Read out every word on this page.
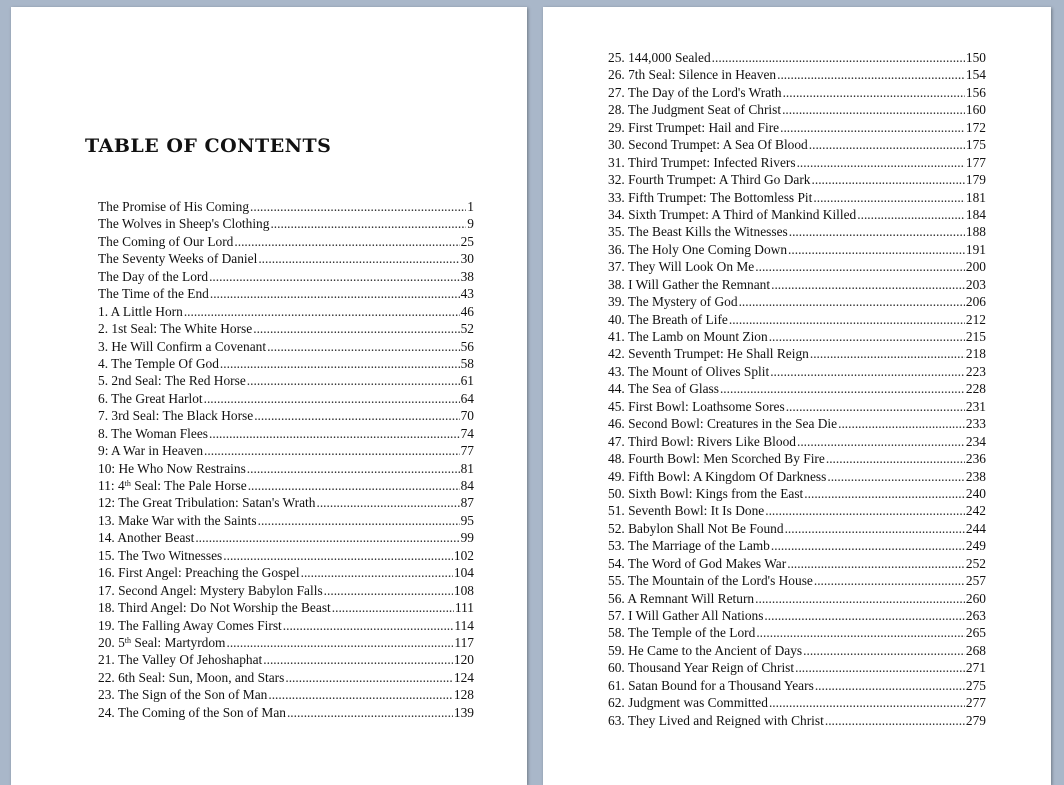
TABLE OF CONTENTS
The Promise of His Coming .....	1
The Wolves in Sheep's Clothing .....	9
The Coming of Our Lord .....	25
The Seventy Weeks of Daniel .....	30
The Day of the Lord .....	38
The Time of the End .....	43
1. A Little Horn .....	46
2. 1st Seal: The White Horse .....	52
3. He Will Confirm a Covenant .....	56
4. The Temple Of God .....	58
5. 2nd Seal: The Red Horse .....	61
6. The Great Harlot .....	64
7. 3rd Seal: The Black Horse .....	70
8. The Woman Flees .....	74
9: A War in Heaven .....	77
10: He Who Now Restrains .....	81
11: 4th Seal: The Pale Horse .....	84
12: The Great Tribulation: Satan's Wrath .....	87
13. Make War with the Saints .....	95
14. Another Beast .....	99
15. The Two Witnesses .....	102
16. First Angel: Preaching the Gospel .....	104
17. Second Angel: Mystery Babylon Falls .....	108
18. Third Angel: Do Not Worship the Beast .....	111
19. The Falling Away Comes First .....	114
20. 5th Seal: Martyrdom .....	117
21. The Valley Of Jehoshaphat .....	120
22. 6th Seal: Sun, Moon, and Stars .....	124
23. The Sign of the Son of Man .....	128
24. The Coming of the Son of Man .....	139
25. 144,000 Sealed .....	150
26. 7th Seal: Silence in Heaven .....	154
27. The Day of the Lord's Wrath .....	156
28. The Judgment Seat of Christ .....	160
29. First Trumpet: Hail and Fire .....	172
30. Second Trumpet: A Sea Of Blood .....	175
31. Third Trumpet: Infected Rivers .....	177
32. Fourth Trumpet: A Third Go Dark .....	179
33. Fifth Trumpet: The Bottomless Pit .....	181
34. Sixth Trumpet: A Third of Mankind Killed .....	184
35. The Beast Kills the Witnesses .....	188
36. The Holy One Coming Down .....	191
37. They Will Look On Me .....	200
38. I Will Gather the Remnant .....	203
39. The Mystery of God .....	206
40. The Breath of Life .....	212
41. The Lamb on Mount Zion .....	215
42. Seventh Trumpet: He Shall Reign .....	218
43. The Mount of Olives Split .....	223
44. The Sea of Glass .....	228
45. First Bowl: Loathsome Sores .....	231
46. Second Bowl: Creatures in the Sea Die .....	233
47. Third Bowl: Rivers Like Blood .....	234
48. Fourth Bowl: Men Scorched By Fire .....	236
49. Fifth Bowl: A Kingdom Of Darkness .....	238
50. Sixth Bowl: Kings from the East .....	240
51. Seventh Bowl: It Is Done .....	242
52. Babylon Shall Not Be Found .....	244
53. The Marriage of the Lamb .....	249
54. The Word of God Makes War .....	252
55. The Mountain of the Lord's House .....	257
56. A Remnant Will Return .....	260
57. I Will Gather All Nations .....	263
58. The Temple of the Lord .....	265
59. He Came to the Ancient of Days .....	268
60. Thousand Year Reign of Christ .....	271
61. Satan Bound for a Thousand Years .....	275
62. Judgment was Committed .....	277
63. They Lived and Reigned with Christ .....	279
